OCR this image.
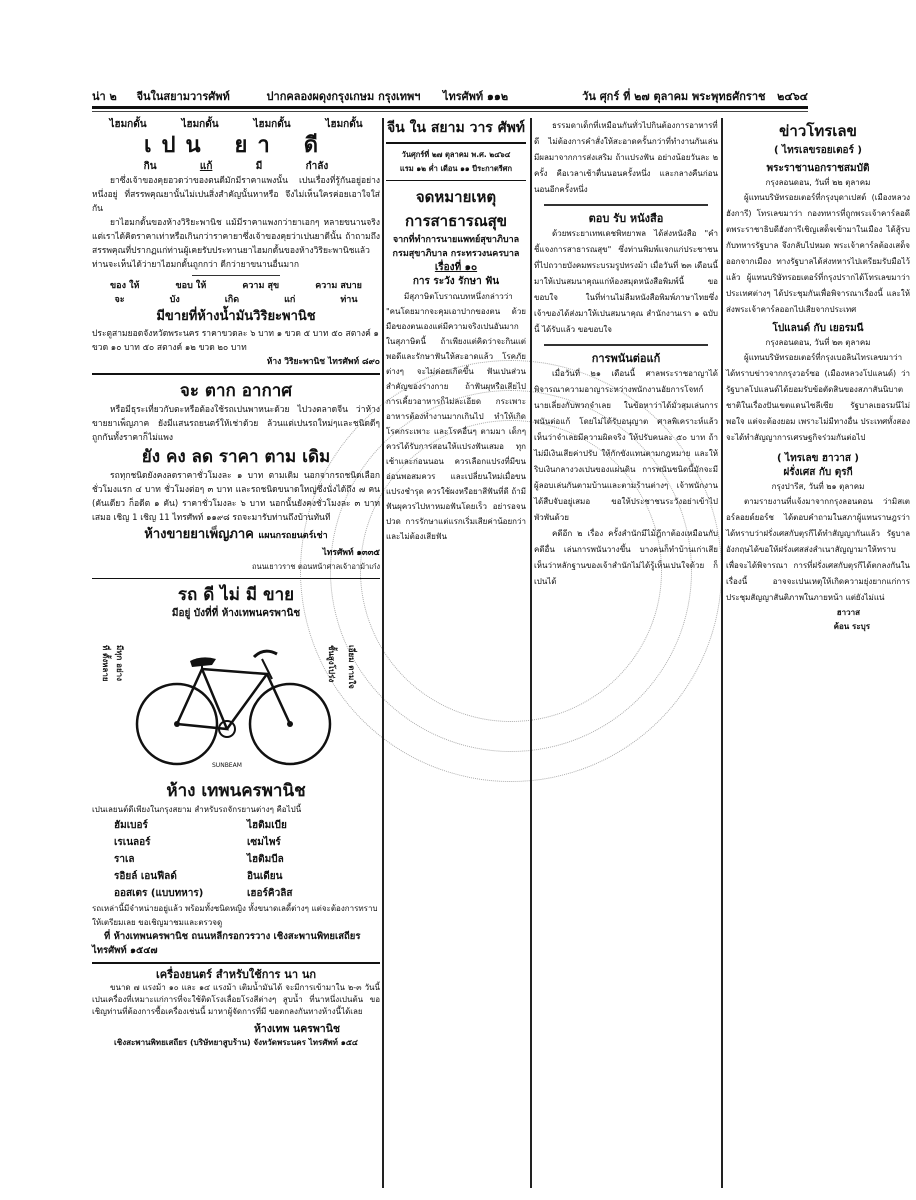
น่า ๒	จีนในสยามวารศัพท์	ปากคลองผดุงกรุงเกษม กรุงเทพฯ	ไทรศัพท์ ๑๑๒	วัน ศุกร์ ที่ ๒๗ ตุลาคม พระพุทธศักราช	๒๔๖๔
ไฮมกดั้น	ไฮมกดั้น	ไฮมกดั้น	ไฮมกดั้น
เปน ยา ดี
กิน	แก้	มี	กำลัง

ยาซึ่งเจ้าของคุยอวดว่าของตนดีมักมีราคาแพงนั้น เปนเรื่องที่รู้กันอยู่อย่างหนึ่งอยู่ ที่สรรพคุณยานั้นไม่เปนสิ่งสำคัญนั้นหาหรือ จึงไม่เห็นใครค่อยเอาใจใส่กัน

ยาไฮมกดั้นของห้างวิริยะพานิช แม้มีราคาแพงกว่ายาเอกๆ หลายขนานจริง แต่เราได้คิดราคาเท่าหรือเกินกว่าราคายาซึ่งเจ้าของคุยว่าเปนยาดีนั้น ถ้าถามถึงสรรพคุณที่ปรากฏแก่ท่านผู้เคยรับประทานยาไฮมกดั้นของห้างวิริยะพานิชแล้ว ท่านจะเห็นได้ว่ายาไฮมกดั้นถูกกว่า ดีกว่ายาขนานอื่นมาก

ของ ให้	ขอบ ให้	ความ สุข	ความ สบาย
จะ	บัง	เกิด	แก่	ท่าน
มีขายที่ห้างน้ำมันวิริยะพานิช
ประตูสามยอดจังหวัดพระนคร ราคาขวดละ ๖ บาท ๑ ขวด ๕ บาท ๕๐ สตางค์ ๑ ขวด ๑๐ บาท ๕๐ สตางค์ ๑๒ ขวด ๒๐ บาท
ห้าง วิริยะพานิช ไทรศัพท์ ๘๙๐
จะ ตาก อากาศ

หรือมีธุระเที่ยวกับตะหรือต้องใช้รถเปนพาหนะด้วย ไปวงตลาดจีน ว่าห้างขายยาเพ็ญภาค ยังมีแสนรถยนตร์ให้เช่าด้วย ล้วนแต่เปนรถใหม่ๆและชนิดดีๆ ถูกกันทั้งราคาก็ไม่แพง

ยัง คง ลด ราคา ตาม เดิม

รถทุกชนิดยังคงลดราคาชั่วโมงละ ๑ บาท ตามเดิม นอกจากรถชนิดเลือก ชั่วโมงแรก ๔ บาท ชั่วโมงต่อๆ ๓ บาท และรถชนิดขนาดใหญ่ซึ่งนั่งได้ถึง ๗ คน (คันเดียว ก็อดีต ๑ คัน) ราคาชั่วโมงละ ๖ บาท นอกนั้นยังคงชั่วโมงละ ๓ บาทเสมอ เชิญ 1 เชิญ 11 ไทรศัพท์ ๑๑๙๘ รถจะมารับท่านถึงบ้านทันที

ห้างขายยาเพ็ญภาค แผนกรถยนตร์เช่า
ไทรศัพท์ ๑๓๓๕
ถนนเยาวราช ตอนหน้าศาลเจ้าอาม้าเก๋ง
รถ ดี ไม่ มี ขาย
มีอยู่ บังที่ที่ ห้างเทพนครพานิช
ที่ ตั้งหลาย มีทุก อย่าง	ชั้นสูงโปร่ง	เอี่ยม ตามใจ
SUNBEAM
ห้าง เทพนครพานิช
เปนเลยนต์ดีเพียงในกรุงสยาม สำหรับรถจักรยานต่างๆ คือไปนี้
ฮัมเบอร์	ไฮติมเบีย
เรเนลอร์	เซมไพร์
ราเล	ไฮติมบีล
รอิยล์ เอนฟีลด์	อินเดียน
ออสเตร (แบบทหาร)	เฮอร์คิวลิส
รถเหล่านี้มีจำหน่ายอยู่แล้ว พร้อมทั้งชนิดหญิง ทั้งขนาดเลดี้ต่างๆ แต่จะต้องการทราบให้เตรียมเลย ขอเชิญมาชมและตรวจดู
ที่ ห้างเทพนครพานิช ถนนหลีกรอกวรวาง เชิงสะพานพิทยเสถียร
ไทรศัพท์ ๑๕๔๗
เครื่องยนตร์ สำหรับใช้การ นา นก

ขนาด ๗ แรงม้า ๑๐ และ ๑๔ แรงม้า เติมน้ำมันได้ จะมีการเข้ามาใน ๒-๓ วันนี้ เปนเครื่องที่เหมาะแก่การที่จะใช้ติดโรงเลื่อยโรงสีต่างๆ สูบน้ำ ที่นาหนึ่งเปนต้น ขอเชิญท่านที่ต้องการซื้อเครื่องเช่นนี้ มาหาผู้จัดการที่มี ขอตกลงกันทางห้างนี้ได้เลย

ห้างเทพ นครพานิช
เชิงสะพานพิทยเสถียร (บริษัทยาสูบร้าน) จังหวัดพระนคร ไทรศัพท์ ๑๕๔
จีน ใน สยาม วาร ศัพท์
วันศุกร์ที่ ๒๗ ตุลาคม พ.ศ. ๒๔๖๔
แรม ๑๒ ค่ำ เดือน ๑๑ ปีระกาตรีศก
จดหมายเหตุ
การสาธารณสุข
จากที่ทำการนายแพทย์สุขาภิบาล
กรมสุขาภิบาล กระทรวงนครบาล
เรื่องที่ ๑๐
การ ระวัง รักษา ฟัน

มีสุภาษิตโบราณบทหนึ่งกล่าวว่า "คนโดยมากจะคุมเอาปากของตน ด้วยมือของตนเองแต่มีความจริงเปนอันมากในสุภาษิตนี้ ถ้าเพียงแต่คิดว่าจะกินแต่พอดีและรักษาฟันให้สะอาดแล้ว โรคภัยต่างๆ จะไม่ค่อยเกิดขึ้น ฟันเปนส่วนสำคัญของร่างกาย ถ้าฟันผุหรือเสียไป การเคี้ยวอาหารก็ไม่ละเอียด กระเพาะอาหารต้องทำงานมากเกินไป ทำให้เกิดโรคกระเพาะ และโรคอื่นๆ ตามมา เด็กๆ ควรได้รับการสอนให้แปรงฟันเสมอ ทุกเช้าและก่อนนอน ควรเลือกแปรงที่มีขนอ่อนพอสมควร และเปลี่ยนใหม่เมื่อขนแปรงชำรุด ควรใช้ผงหรือยาสีฟันที่ดี ถ้ามีฟันผุควรไปหาหมอฟันโดยเร็ว อย่ารอจนปวด การรักษาแต่แรกเริ่มเสียค่าน้อยกว่า และไม่ต้องเสียฟัน

ธรรมดาเด็กที่เหมือนกันทั่วไปกินต้องการอาหารที่ดี ไม่ต้องการคำสั่งให้สะอาดครั้นกว่าที่ทำงานกันเล่น มีผลมาจากการส่งเสริม ถ้าแปรงฟัน อย่างน้อยวันละ ๒ ครั้ง คือเวลาเช้าตื่นนอนครั้งหนึ่ง และกลางคืนก่อนนอนอีกครั้งหนึ่ง

ตอบ รับ หนังสือ

ด้วยพระยาเทพเดชพิทยาพล ได้ส่งหนังสือ "คำชี้แจงการสาธารณสุข" ซึ่งท่านพิมพ์แจกแก่ประชาชนที่ไปถวายบังคมพระบรมรูปทรงม้า เมื่อวันที่ ๒๓ เดือนนี้ มาให้เปนสมนาคุณแก่ห้องสมุดหนังสือพิมพ์นี้ ขอขอบใจ ในที่ท่านไม่ลืมหนังสือพิมพ์ภาษาไทยซึ่งเจ้าของได้ส่งมาให้เปนสมนาคุณ สำนักงานเรา ๑ ฉบับนี้ ได้รับแล้ว ขอขอบใจ

การพนันต่อแก้

เมื่อวันที่ ๒๑ เดือนนี้ ศาลพระราชอาญาได้พิจารณาความอาญาระหว่างพนักงานอัยการโจทก์ นายเลี่ยงกับพวกจำเลย ในข้อหาว่าได้มั่วสุมเล่นการพนันต่อแก้ โดยไม่ได้รับอนุญาต ศาลพิเคราะห์แล้วเห็นว่าจำเลยมีความผิดจริง ให้ปรับคนละ ๕๐ บาท ถ้าไม่มีเงินเสียค่าปรับ ให้กักขังแทนตามกฎหมาย และให้ริบเงินกลางวงเปนของแผ่นดิน การพนันชนิดนี้มักจะมีผู้ลอบเล่นกันตามบ้านและตามร้านต่างๆ เจ้าพนักงานได้สืบจับอยู่เสมอ ขอให้ประชาชนระวังอย่าเข้าไปพัวพันด้วย

คดีอีก ๒ เรื่อง ครั้งสำนักมีไม้ฎีกาต้องเหมือนกับคดีอื่น เล่นการพนันวางขึ้น บางคนก็ทำบ้านเก่าเสีย เห็นว่าหลักฐานของเจ้าสำนักไม่ได้รู้เห็นเปนใจด้วย ก็เปนได้

ข่าวโทรเลข
( ไทรเลขรอยเตอร์ )
พระราชานอกราชสมบัติ
กรุงลอนดอน, วันที่ ๒๒ ตุลาคม

ผู้แทนบริษัทรอยเตอร์ที่กรุงบุดาเปสต์ (เมืองหลวงฮังการี) โทรเลขมาว่า กองทหารที่ถูกพระเจ้าคาร์ลอดีตพระราชาธิบดีฮังการีเชิญเสด็จเข้ามาในเมือง ได้สู้รบกับทหารรัฐบาล จึงกลับไปหมด พระเจ้าคาร์ลต้องเสด็จออกจากเมือง ทางรัฐบาลได้ส่งทหารไปเตรียมรับมือไว้แล้ว ผู้แทนบริษัทรอยเตอร์ที่กรุงปรากได้โทรเลขมาว่า ประเทศต่างๆ ได้ประชุมกันเพื่อพิจารณาเรื่องนี้ และให้ส่งพระเจ้าคาร์ลออกไปเสียจากประเทศ

โปแลนด์ กับ เยอรมนี
กรุงลอนดอน, วันที่ ๒๓ ตุลาคม

ผู้แทนบริษัทรอยเตอร์ที่กรุงเบอลินไทรเลขมาว่า ได้ทราบข่าวจากกรุงวอร์ซอ (เมืองหลวงโปแลนด์) ว่ารัฐบาลโปแลนด์ได้ยอมรับข้อตัดสินของสภาสันนิบาตชาติในเรื่องปันเขตแดนไซลีเซีย รัฐบาลเยอรมนีไม่พอใจ แต่จะต้องยอม เพราะไม่มีทางอื่น ประเทศทั้งสองจะได้ทำสัญญาการเศรษฐกิจร่วมกันต่อไป

( ไทรเลข ฮาวาส )
ฝรั่งเศส กับ ตุรกี
กรุงปารีส, วันที่ ๒๑ ตุลาคม

ตามรายงานที่แจ้งมาจากกรุงลอนดอน ว่ามิสเตอร์ลอยด์ยอร์ช ได้ตอบคำถามในสภาผู้แทนราษฎรว่า ได้ทราบว่าฝรั่งเศสกับตุรกีได้ทำสัญญากันแล้ว รัฐบาลอังกฤษได้ขอให้ฝรั่งเศสส่งสำเนาสัญญามาให้ทราบ เพื่อจะได้พิจารณา การที่ฝรั่งเศสกับตุรกีได้ตกลงกันในเรื่องนี้ อาจจะเปนเหตุให้เกิดความยุ่งยากแก่การประชุมสัญญาสันติภาพในภายหน้า แต่ยังไม่แน่

ฮาวาส
ค้อน ระบุร
